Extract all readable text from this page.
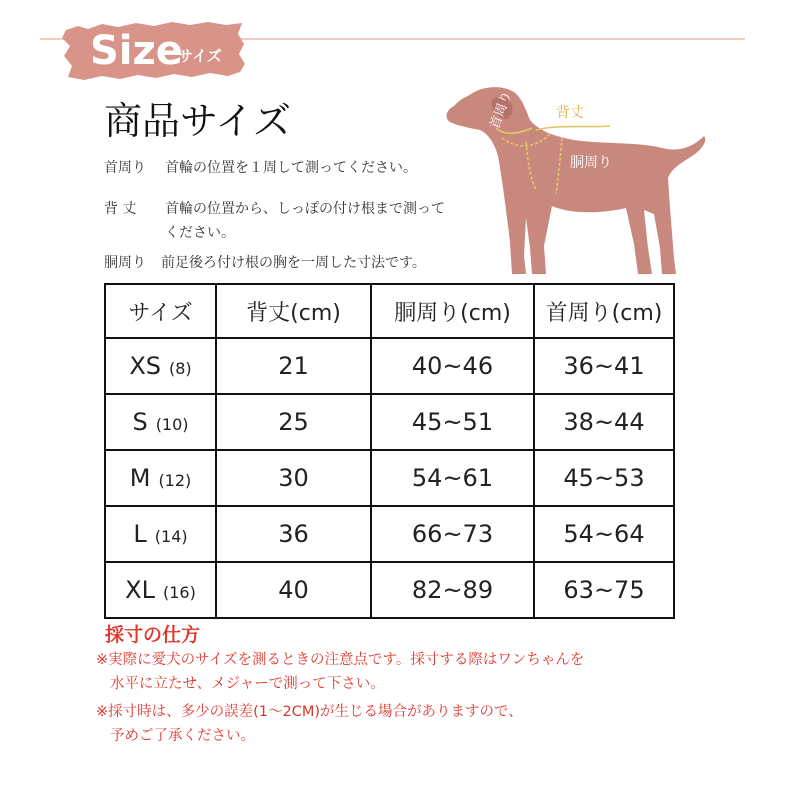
Size
サイズ
商品サイズ
首周り 首輪の位置を１周して測ってください。
背 丈 首輪の位置から、しっぽの付け根まで測って
ください。
胴周り 前足後ろ付け根の胸を一周した寸法です。
首周り	背丈
胴周り
サイズ	背丈(cm)	胴周り(cm)	首周り(cm)
XS (8)	21	40~46	36~41
S (10)	25	45~51	38~44
M (12)	30	54~61	45~53
L (14)	36	66~73	54~64
XL (16)	40	82~89	63~75
採寸の仕方
※実際に愛犬のサイズを測るときの注意点です。採寸する際はワンちゃんを
水平に立たせ、メジャーで測って下さい。
※採寸時は、多少の誤差(1～2CM)が生じる場合がありますので、
予めご了承ください。
